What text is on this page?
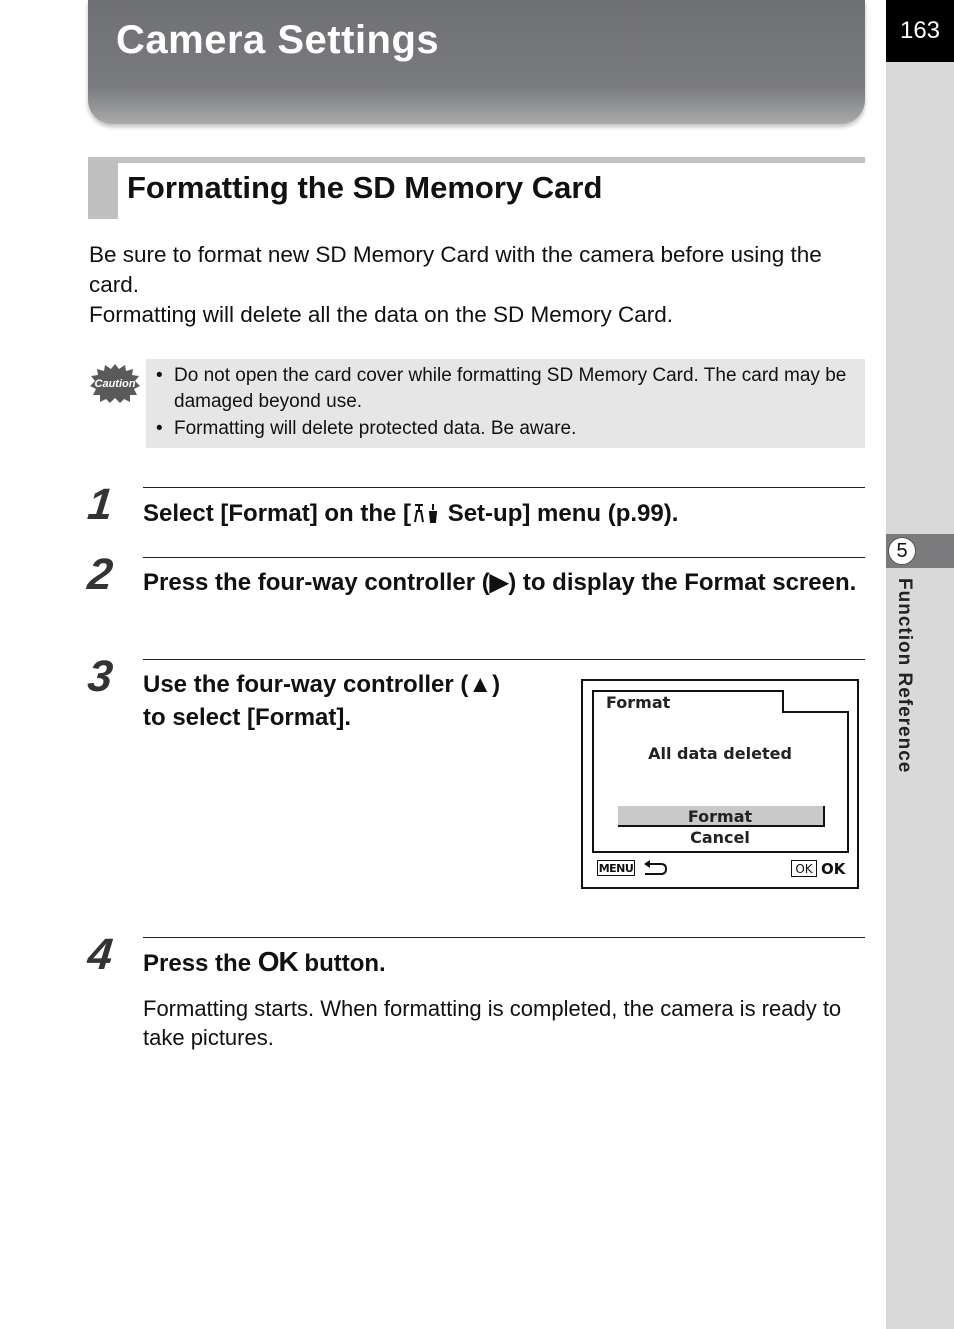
163
5
Function Reference
Camera Settings
Formatting the SD Memory Card

Be sure to format new SD Memory Card with the camera before using the card.

Formatting will delete all the data on the SD Memory Card.

Caution
•	Do not open the card cover while formatting SD Memory Card. The card may be damaged beyond use.
• Formatting will delete protected data. Be aware.
1 Select [Format] on the [ Set-up] menu (p.99).
2 Press the four-way controller (▶) to display the Format screen.
3 Use the four-way controller (▲)
to select [Format].
Format
All data deleted
Format
Cancel
MENU	OK OK
4 Press the OK button.
Formatting starts. When formatting is completed, the camera is ready to take pictures.
